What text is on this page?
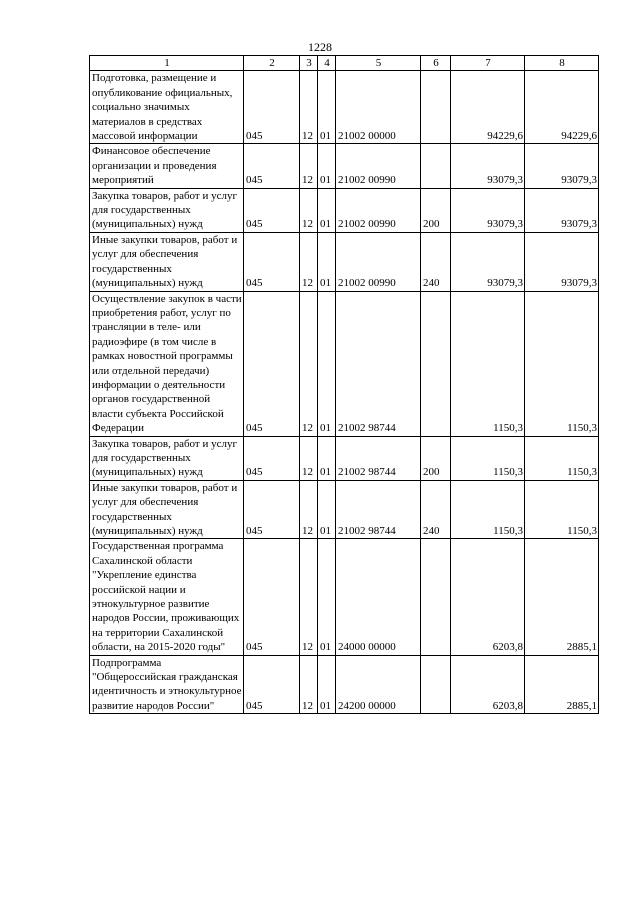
1228
1	2	3	4	5	6	7	8
Подготовка, размещение и опубликование официальных, социально значимых материалов в средствах массовой информации	045	12	01	21002 00000		94229,6	94229,6
Финансовое обеспечение организации и проведения мероприятий	045	12	01	21002 00990		93079,3	93079,3
Закупка товаров, работ и услуг для государственных (муниципальных) нужд	045	12	01	21002 00990	200	93079,3	93079,3
Иные закупки товаров, работ и услуг для обеспечения государственных (муниципальных) нужд	045	12	01	21002 00990	240	93079,3	93079,3
Осуществление закупок в части приобретения работ, услуг по трансляции в теле- или радиоэфире (в том числе в рамках новостной программы или отдельной передачи) информации о деятельности органов государственной власти субъекта Российской Федерации	045	12	01	21002 98744		1150,3	1150,3
Закупка товаров, работ и услуг для государственных (муниципальных) нужд	045	12	01	21002 98744	200	1150,3	1150,3
Иные закупки товаров, работ и услуг для обеспечения государственных (муниципальных) нужд	045	12	01	21002 98744	240	1150,3	1150,3
Государственная программа Сахалинской области "Укрепление единства российской нации и этнокультурное развитие народов России, проживающих на территории Сахалинской области, на 2015-2020 годы"	045	12	01	24000 00000		6203,8	2885,1
Подпрограмма "Общероссийская гражданская идентичность и этнокультурное развитие народов России"	045	12	01	24200 00000		6203,8	2885,1
